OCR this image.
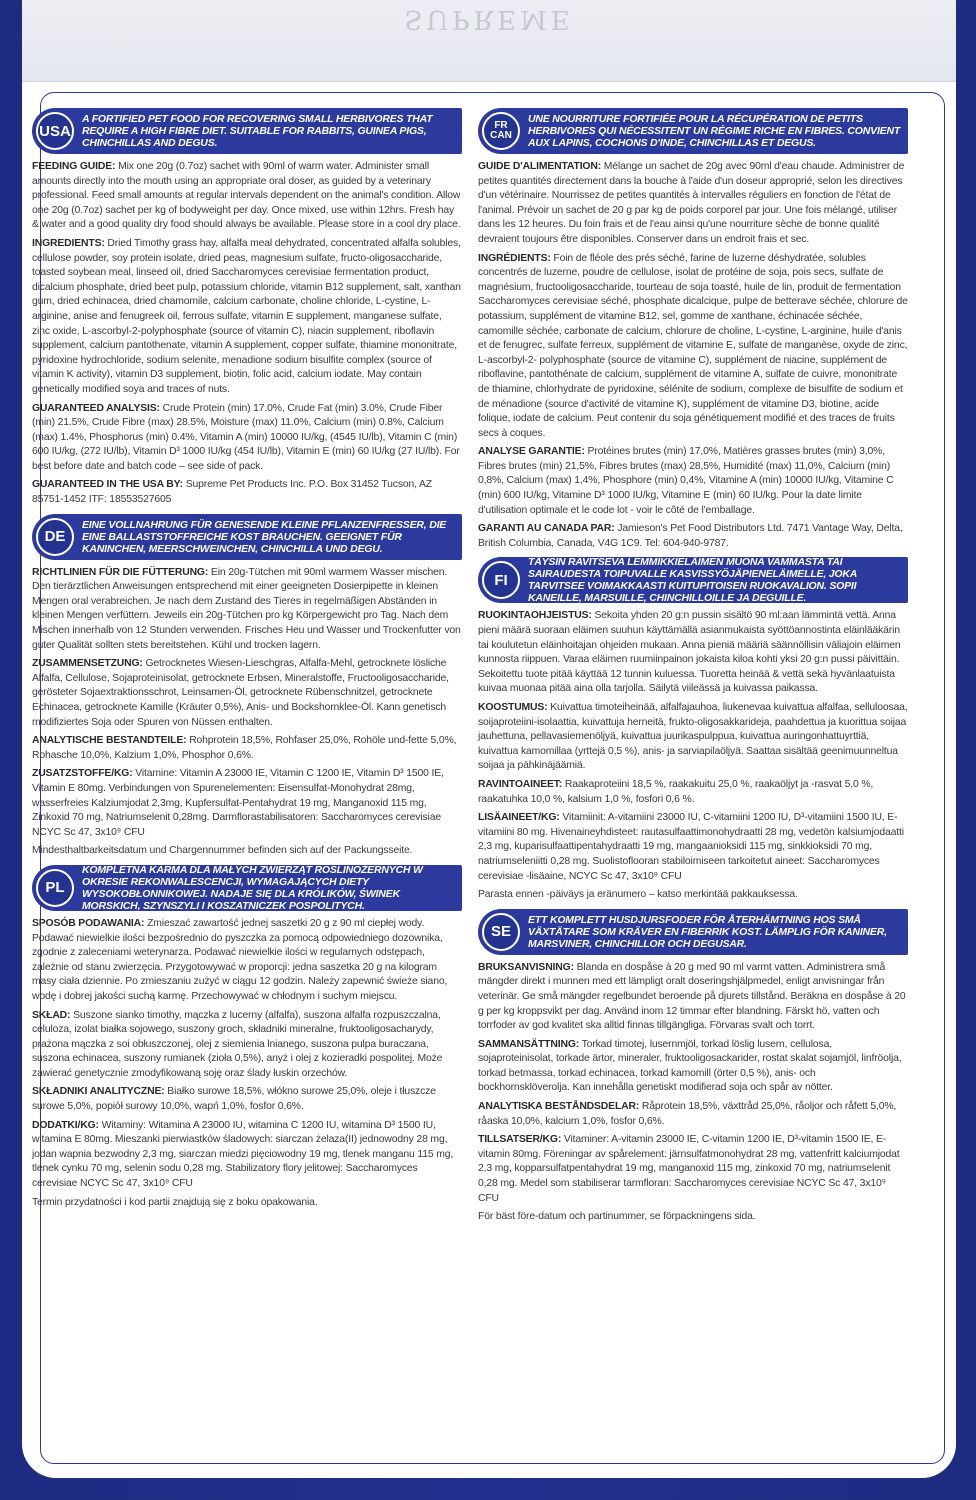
SUPREME
USA
A FORTIFIED PET FOOD FOR RECOVERING SMALL HERBIVORES THAT REQUIRE A HIGH FIBRE DIET. SUITABLE FOR RABBITS, GUINEA PIGS, CHINCHILLAS AND DEGUS.

FEEDING GUIDE: Mix one 20g (0.7oz) sachet with 90ml of warm water. Administer small amounts directly into the mouth using an appropriate oral doser, as guided by a veterinary professional. Feed small amounts at regular intervals dependent on the animal's condition. Allow one 20g (0.7oz) sachet per kg of bodyweight per day. Once mixed, use within 12hrs. Fresh hay & water and a good quality dry food should always be available. Please store in a cool dry place.

INGREDIENTS: Dried Timothy grass hay, alfalfa meal dehydrated, concentrated alfalfa solubles, cellulose powder, soy protein isolate, dried peas, magnesium sulfate, fructo-oligosaccharide, toasted soybean meal, linseed oil, dried Saccharomyces cerevisiae fermentation product, dicalcium phosphate, dried beet pulp, potassium chloride, vitamin B12 supplement, salt, xanthan gum, dried echinacea, dried chamomile, calcium carbonate, choline chloride, L-cystine, L-arginine, anise and fenugreek oil, ferrous sulfate, vitamin E supplement, manganese sulfate, zinc oxide, L-ascorbyl-2-polyphosphate (source of vitamin C), niacin supplement, riboflavin supplement, calcium pantothenate, vitamin A supplement, copper sulfate, thiamine mononitrate, pyridoxine hydrochloride, sodium selenite, menadione sodium bisulfite complex (source of vitamin K activity), vitamin D3 supplement, biotin, folic acid, calcium iodate. May contain genetically modified soya and traces of nuts.

GUARANTEED ANALYSIS: Crude Protein (min) 17.0%, Crude Fat (min) 3.0%, Crude Fiber (min) 21.5%, Crude Fibre (max) 28.5%, Moisture (max) 11.0%, Calcium (min) 0.8%, Calcium (max) 1.4%, Phosphorus (min) 0.4%, Vitamin A (min) 10000 IU/kg, (4545 IU/lb), Vitamin C (min) 600 IU/kg, (272 IU/lb), Vitamin D³ 1000 IU/kg (454 IU/lb), Vitamin E (min) 60 IU/kg (27 IU/lb). For best before date and batch code – see side of pack.

GUARANTEED IN THE USA BY: Supreme Pet Products Inc. P.O. Box 31452 Tucson, AZ 85751-1452 ITF: 18553527605

DE
EINE VOLLNAHRUNG FÜR GENESENDE KLEINE PFLANZENFRESSER, DIE EINE BALLASTSTOFFREICHE KOST BRAUCHEN. GEEIGNET FÜR KANINCHEN, MEERSCHWEINCHEN, CHINCHILLA UND DEGU.

RICHTLINIEN FÜR DIE FÜTTERUNG: Ein 20g-Tütchen mit 90ml warmem Wasser mischen. Den tierärztlichen Anweisungen entsprechend mit einer geeigneten Dosierpipette in kleinen Mengen oral verabreichen. Je nach dem Zustand des Tieres in regelmäßigen Abständen in kleinen Mengen verfüttern. Jeweils ein 20g-Tütchen pro kg Körpergewicht pro Tag. Nach dem Mischen innerhalb von 12 Stunden verwenden. Frisches Heu und Wasser und Trockenfutter von guter Qualität sollten stets bereitstehen. Kühl und trocken lagern.

ZUSAMMENSETZUNG: Getrocknetes Wiesen-Lieschgras, Alfalfa-Mehl, getrocknete lösliche Alfalfa, Cellulose, Sojaproteinisolat, getrocknete Erbsen, Mineralstoffe, Fructooligosaccharide, gerösteter Sojaextraktionsschrot, Leinsamen-Öl, getrocknete Rübenschnitzel, getrocknete Echinacea, getrocknete Kamille (Kräuter 0,5%), Anis- und Bockshornklee-Öl. Kann genetisch modifiziertes Soja oder Spuren von Nüssen enthalten.

ANALYTISCHE BESTANDTEILE: Rohprotein 18,5%, Rohfaser 25,0%, Rohöle und-fette 5,0%, Rohasche 10,0%, Kalzium 1,0%, Phosphor 0,6%.

ZUSATZSTOFFE/KG: Vitamine: Vitamin A 23000 IE, Vitamin C 1200 IE, Vitamin D³ 1500 IE, Vitamin E 80mg. Verbindungen von Spurenelementen: Eisensulfat-Monohydrat 28mg, wasserfreies Kalziumjodat 2,3mg, Kupfersulfat-Pentahydrat 19 mg, Manganoxid 115 mg, Zinkoxid 70 mg, Natriumselenit 0,28mg. Darmflorastabilisatoren: Saccharomyces cerevisiae NCYC Sc 47, 3x10⁹ CFU

Mindesthaltbarkeitsdatum und Chargennummer befinden sich auf der Packungsseite.

PL
KOMPLETNA KARMA DLA MAŁYCH ZWIERZĄT ROŚLINOŻERNYCH W OKRESIE REKONWALESCENCJI, WYMAGAJĄCYCH DIETY WYSOKOBŁONNIKOWEJ. NADAJE SIĘ DLA KRÓLIKÓW, ŚWINEK MORSKICH, SZYNSZYLI I KOSZATNICZEK POSPOLITYCH.

SPOSÓB PODAWANIA: Zmieszać zawartość jednej saszetki 20 g z 90 ml ciepłej wody. Podawać niewielkie ilości bezpośrednio do pyszczka za pomocą odpowiedniego dozownika, zgodnie z zaleceniami weterynarza. Podawać niewielkie ilości w regularnych odstępach, zależnie od stanu zwierzęcia. Przygotowywać w proporcji: jedna saszetka 20 g na kilogram masy ciała dziennie. Po zmieszaniu zużyć w ciągu 12 godzin. Należy zapewnić świeże siano, wodę i dobrej jakości suchą karmę. Przechowywać w chłodnym i suchym miejscu.

SKŁAD: Suszone sianko timothy, mączka z lucerny (alfalfa), suszona alfalfa rozpuszczalna, celuloza, izolat białka sojowego, suszony groch, składniki mineralne, fruktooligosacharydy, prażona mączka z soi obłuszczonej, olej z siemienia lnianego, suszona pulpa buraczana, suszona echinacea, suszony rumianek (zioła 0,5%), anyż i olej z kozieradki pospolitej. Może zawierać genetycznie zmodyfikowaną soję oraz ślady łuskin orzechów.

SKŁADNIKI ANALITYCZNE: Białko surowe 18,5%, włókno surowe 25,0%, oleje i tłuszcze surowe 5,0%, popiół surowy 10,0%, wapń 1,0%, fosfor 0,6%.

DODATKI/KG: Witaminy: Witamina A 23000 IU, witamina C 1200 IU, witamina D³ 1500 IU, witamina E 80mg. Mieszanki pierwiastków śladowych: siarczan żelaza(II) jednowodny 28 mg, jodan wapnia bezwodny 2,3 mg, siarczan miedzi pięciowodny 19 mg, tlenek manganu 115 mg, tlenek cynku 70 mg, selenin sodu 0,28 mg. Stabilizatory flory jelitowej: Saccharomyces cerevisiae NCYC Sc 47, 3x10⁹ CFU

Termin przydatności i kod partii znajdują się z boku opakowania.

FR
CAN
UNE NOURRITURE FORTIFIÉE POUR LA RÉCUPÉRATION DE PETITS HERBIVORES QUI NÉCESSITENT UN RÉGIME RICHE EN FIBRES. CONVIENT AUX LAPINS, COCHONS D'INDE, CHINCHILLAS ET DEGUS.

GUIDE D'ALIMENTATION: Mélange un sachet de 20g avec 90ml d'eau chaude. Administrer de petites quantités directement dans la bouche à l'aide d'un doseur approprié, selon les directives d'un vétérinaire. Nourrissez de petites quantités à intervalles réguliers en fonction de l'état de l'animal. Prévoir un sachet de 20 g par kg de poids corporel par jour. Une fois mélangé, utiliser dans les 12 heures. Du foin frais et de l'eau ainsi qu'une nourriture sèche de bonne qualité devraient toujours être disponibles. Conserver dans un endroit frais et sec.

INGRÉDIENTS: Foin de fléole des prés séché, farine de luzerne déshydratée, solubles concentrés de luzerne, poudre de cellulose, isolat de protéine de soja, pois secs, sulfate de magnésium, fructooligosaccharide, tourteau de soja toasté, huile de lin, produit de fermentation Saccharomyces cerevisiae séché, phosphate dicalcique, pulpe de betterave séchée, chlorure de potassium, supplément de vitamine B12, sel, gomme de xanthane, échinacée séchée, camomille séchée, carbonate de calcium, chlorure de choline, L-cystine, L-arginine, huile d'anis et de fenugrec, sulfate ferreux, supplément de vitamine E, sulfate de manganèse, oxyde de zinc, L-ascorbyl-2- polyphosphate (source de vitamine C), supplément de niacine, supplément de riboflavine, pantothénate de calcium, supplément de vitamine A, sulfate de cuivre, mononitrate de thiamine, chlorhydrate de pyridoxine, sélénite de sodium, complexe de bisulfite de sodium et de ménadione (source d'activité de vitamine K), supplément de vitamine D3, biotine, acide folique, iodate de calcium. Peut contenir du soja génétiquement modifié et des traces de fruits secs à coques.

ANALYSE GARANTIE: Protéines brutes (min) 17,0%, Matières grasses brutes (min) 3,0%, Fibres brutes (min) 21,5%, Fibres brutes (max) 28,5%, Humidité (max) 11,0%, Calcium (min) 0,8%, Calcium (max) 1,4%, Phosphore (min) 0,4%, Vitamine A (min) 10000 IU/kg, Vitamine C (min) 600 IU/kg, Vitamine D³ 1000 IU/kg, Vitamine E (min) 60 IU/kg. Pour la date limite d'utilisation optimale et le code lot - voir le côté de l'emballage.

GARANTI AU CANADA PAR: Jamieson's Pet Food Distributors Ltd. 7471 Vantage Way, Delta, British Columbia, Canada, V4G 1C9. Tel: 604-940-9787.

FI
TÄYSIN RAVITSEVA LEMMIKKIELÄIMEN MUONA VAMMASTA TAI SAIRAUDESTA TOIPUVALLE KASVISSYÖJÄPIENELÄIMELLE, JOKA TARVITSEE VOIMAKKAASTI KUITUPITOISEN RUOKAVALION. SOPII KANEILLE, MARSUILLE, CHINCHILLOILLE JA DEGUILLE.

RUOKINTAOHJEISTUS: Sekoita yhden 20 g:n pussin sisältö 90 ml:aan lämmintä vettä. Anna pieni määrä suoraan eläimen suuhun käyttämällä asianmukaista syöttöannostinta eläinlääkärin tai koulutetun eläinhoitajan ohjeiden mukaan. Anna pieniä määriä säännöllisin väliajoin eläimen kunnosta riippuen. Varaa eläimen ruumiinpainon jokaista kiloa kohti yksi 20 g:n pussi päivittäin. Sekoitettu tuote pitää käyttää 12 tunnin kuluessa. Tuoretta heinää & vettä sekä hyvänlaatuista kuivaa muonaa pitää aina olla tarjolla. Säilytä viileässä ja kuivassa paikassa.

KOOSTUMUS: Kuivattua timoteiheinää, alfalfajauhoa, liukenevaa kuivattua alfalfaa, selluloosaa, soijaproteiini-isolaattia, kuivattuja herneitä, frukto-oligosakkarideja, paahdettua ja kuorittua soijaa jauhettuna, pellavasiemenöljyä, kuivattua juurikaspulppua, kuivattua auringonhattuyrttiä, kuivattua kamomillaa (yrttejä 0,5 %), anis- ja sarviapilaöljyä. Saattaa sisältää geenimuunneltua soijaa ja pähkinäjäämiä.

RAVINTOAINEET: Raakaproteiini 18,5 %, raakakuitu 25,0 %, raakaöljyt ja -rasvat 5,0 %, raakatuhka 10,0 %, kalsium 1,0 %, fosfori 0,6 %.

LISÄAINEET/KG: Vitamiinit: A-vitamiini 23000 IU, C-vitamiini 1200 IU, D³-vitamiini 1500 IU, E-vitamiini 80 mg. Hivenaineyhdisteet: rautasulfaattimonohydraatti 28 mg, vedetön kalsiumjodaatti 2,3 mg, kuparisulfaattipentahydraatti 19 mg, mangaanioksidi 115 mg, sinkkioksidi 70 mg, natriumseleniitti 0,28 mg. Suolistoflooran stabiloimiseen tarkoitetut aineet: Saccharomyces cerevisiae -lisäaine, NCYC Sc 47, 3x10⁹ CFU

Parasta ennen -päiväys ja eränumero – katso merkintää pakkauksessa.

SE
ETT KOMPLETT HUSDJURSFODER FÖR ÅTERHÄMTNING HOS SMÅ VÄXTÄTARE SOM KRÄVER EN FIBERRIK KOST. LÄMPLIG FÖR KANINER, MARSVINER, CHINCHILLOR OCH DEGUSAR.

BRUKSANVISNING: Blanda en dospåse à 20 g med 90 ml varmt vatten. Administrera små mängder direkt i munnen med ett lämpligt oralt doseringshjälpmedel, enligt anvisningar från veterinär. Ge små mängder regelbundet beroende på djurets tillstånd. Beräkna en dospåse à 20 g per kg kroppsvikt per dag. Använd inom 12 timmar efter blandning. Färskt hö, vatten och torrfoder av god kvalitet ska alltid finnas tillgängliga. Förvaras svalt och torrt.

SAMMANSÄTTNING: Torkad timotej, lusernmjöl, torkad löslig lusern, cellulosa, sojaproteinisolat, torkade ärtor, mineraler, fruktooligosackarider, rostat skalat sojamjöl, linfröolja, torkad betmassa, torkad echinacea, torkad kamomill (örter 0,5 %), anis- och bockhornsklöverolja. Kan innehålla genetiskt modifierad soja och spår av nötter.

ANALYTISKA BESTÅNDSDELAR: Råprotein 18,5%, växttråd 25,0%, råoljor och råfett 5,0%, råaska 10,0%, kalcium 1,0%, fosfor 0,6%.

TILLSATSER/KG: Vitaminer: A-vitamin 23000 IE, C-vitamin 1200 IE, D³-vitamin 1500 IE, E-vitamin 80mg. Föreningar av spårelement: järnsulfatmonohydrat 28 mg, vattenfritt kalciumjodat 2,3 mg, kopparsulfatpentahydrat 19 mg, manganoxid 115 mg, zinkoxid 70 mg, natriumselenit 0,28 mg. Medel som stabiliserar tarmfloran: Saccharomyces cerevisiae NCYC Sc 47, 3x10⁹ CFU

För bäst före-datum och partinummer, se förpackningens sida.
